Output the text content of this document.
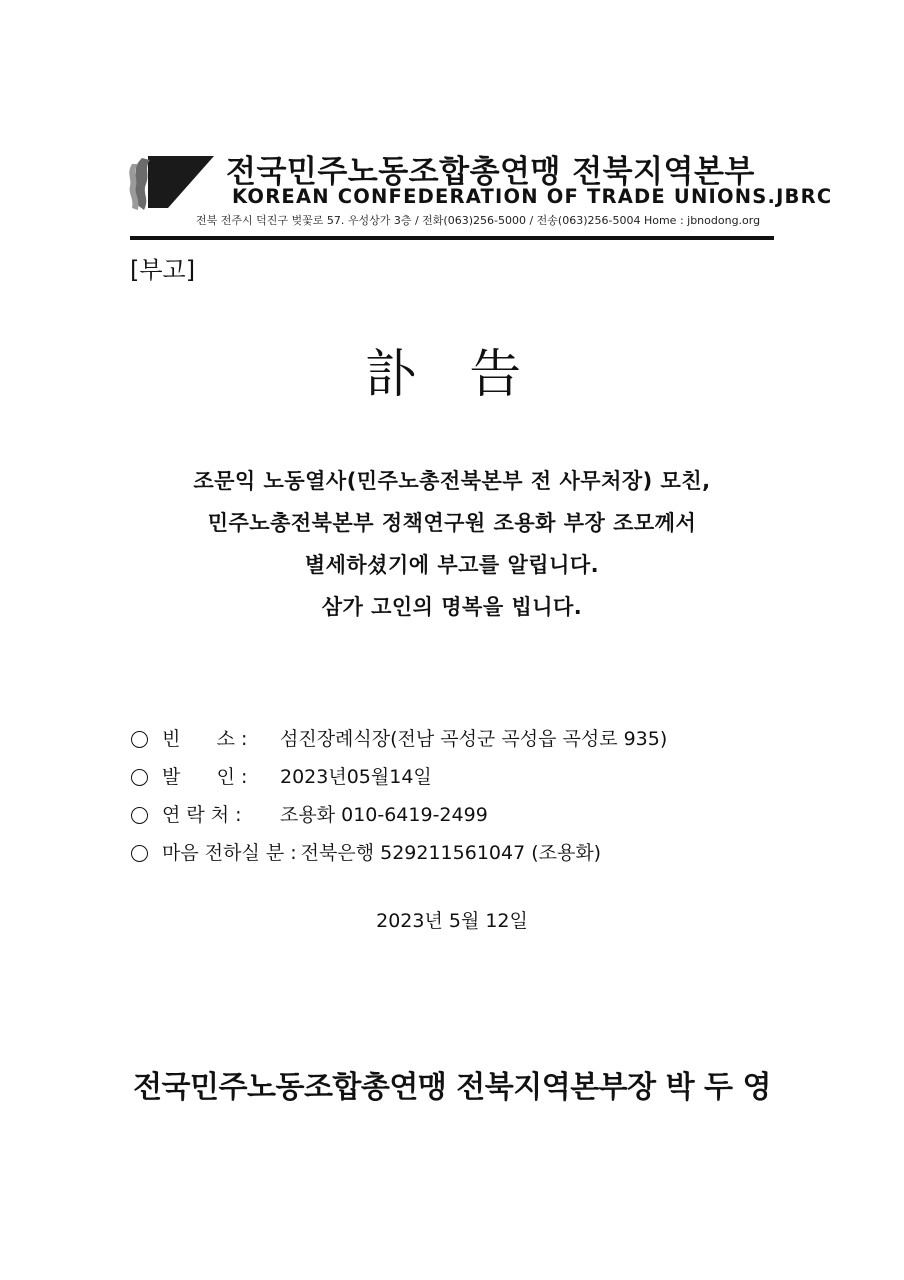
전국민주노동조합총연맹 전북지역본부
KOREAN CONFEDERATION OF TRADE UNIONS.JBRC
전북 전주시 덕진구 벚꽃로 57. 우성상가 3층 / 전화(063)256-5000 / 전송(063)256-5004 Home : jbnodong.org
[부고]
訃 告
조문익 노동열사(민주노총전북본부 전 사무처장) 모친,
민주노총전북본부 정책연구원 조용화 부장 조모께서
별세하셨기에 부고를 알립니다.
삼가 고인의 명복을 빕니다.
빈      소 :	섬진장례식장(전남 곡성군 곡성읍 곡성로 935)
발      인 :	2023년05월14일
연 락 처 :	조용화 010-6419-2499
마음 전하실 분 : 전북은행 529211561047 (조용화)
2023년 5월 12일
전국민주노동조합총연맹 전북지역본부장 박 두 영
